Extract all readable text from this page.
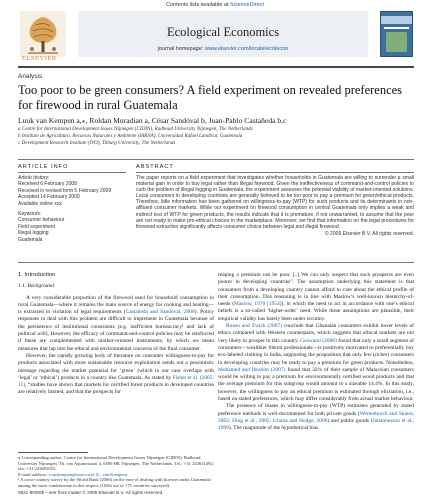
Contents lists available at ScienceDirect
ELSEVIER
Ecological Economics
journal homepage: www.elsevier.com/locate/ecolecon
Analysis
Too poor to be green consumers? A field experiment on revealed preferences for firewood in rural Guatemala
Luuk van Kempen a,⁎, Roldan Muradian a, César Sandóval b, Juan-Pablo Castañeda b,c
a Centre for International Development Issues Nijmegen (CIDIN), Radboud University Nijmegen, The Netherlands
b Instituto de Agricultura, Recursos Naturales y Ambiente (IARNA), Universidad Rafael Landívar, Guatemala
c Development Research Institute (IVO), Tilburg University, The Netherlands
ARTICLE INFO	ABSTRACT
Article history:
Received 6 February 2008
Received in revised form 5 February 2009
Accepted 14 February 2009
Available online xxx
Keywords:
Consumer behaviour
Field experiment
Illegal logging
Guatemala
The paper reports on a field experiment that investigates whether households in Guatemala are willing to surrender a small material gain in order to buy legal rather than illegal firewood. Given the ineffectiveness of command-and-control policies to curb the problem of illegal logging in Guatemala, the experiment assesses the potential viability of market-oriented solutions. Local consumers in developing countries are generally believed to be too poor to pay a premium for green/ethical products. Therefore, little information has been gathered on willingness-to-pay (WTP) for such products and its determinants in non-affluent consumer markets. While our experiment on firewood consumption in central Guatemala only implies a weak and indirect test of WTP for green products, the results indicate that it is premature, if not unwarranted, to assume that the poor are not ready to make pro-ethical choices in the marketplace. Moreover, we find that information on the legal procedures for firewood extraction significantly affects consumer choice between legal and illegal firewood.
© 2009 Elsevier B.V. All rights reserved.
1. Introduction
1.1. Background
A very considerable proportion of the firewood used for household consumption in rural Guatemala—where it remains the main source of energy for cooking and heating—is extracted in violation of legal requirements (Castañeda and Sandoval, 2008). Policy responses to deal with this problem are difficult to implement in Guatemala because of the persistence of institutional constraints (e.g. inefficient bureaucracy¹ and lack of political will). However, the efficacy of command-and-control policies may be reinforced if these are complemented with market-oriented instruments, by which we mean measures that tap into the ethical and environmental concerns of the final consumer.
However, the rapidly growing body of literature on consumer willingness-to-pay for products associated with more sustainable resource exploitation sends out a pessimistic message regarding the market potential for ‘green’ (which in our case overlaps with ‘legal’ or ‘ethical’) products in a country like Guatemala. As stated by Fisher et al. (2005: 11), “studies have shown that markets for certified forest products in developed countries are relatively limited, and that the prospects for
reaping a premium can be poor. [..] We can only suspect that such prospects are even poorer in developing countries”. The assumption underlying this statement is that consumers from a developing country cannot afford to care about the ethical profile of their consumption. This reasoning is in line with Maslow’s well-known hierarchy-of-needs (Maslow, 1970 [1954]), in which the need to act in accordance with one’s ethical beliefs is a so-called ‘higher-order’ need. While these assumptions are plausible, their empirical validity has barely been under scrutiny.
Bonsu and Zwick (2007) conclude that Ghanaian consumers exhibit lower levels of ethics compared with Western counterparts, which suggests that ethical markets are not very likely to prosper in this country. Goswami (2008) found that only a small segment of consumers—wealthier liberal professionals—is positively motivated to preferentially buy eco-labeled clothing in India, supporting the proposition that only few (richer) consumers in developing countries may be ready to pay a premium for green products. Nonetheless, Mohamed and Ibrahim (2007) found that 32% of their sample of Malaysian consumers would be willing to pay a premium for environmentally certified wood products and that the average premium for this subgroup would amount to a sizeable 14.4%. In this study, however, the willingness to pay an ethical premium is estimated through elicitation, i.e., based on stated preferences, which may differ considerably from actual market behaviour.
The presence of biases in willingness-to-pay (WTP) estimates generated by stated preference methods is well-documented for both private goods (Wertenbroch and Skiera, 2002; Ding et al., 2005; Urama and Hodge, 2006) and public goods (Johannesson et al., 1999). The magnitude of the hypothetical bias
⁎ Corresponding author. Centre for International Development Issues Nijmegen (CIDIN), Radboud University Nijmegen, Th. van Aquinostraat 4, 6500 HK Nijmegen, The Netherlands. Tel.: +31 243611492; fax: +31 243693952.
E-mail address: l.vankempen@maw.ru.nl (L. van Kempen).
¹ A cross-country survey by the World Bank (2006) on the ease of dealing with licences ranks Guatemala among the most cumbersome in this respect (165th out of 175 countries surveyed).
0921-8009/$ – see front matter © 2009 Elsevier B.V. All rights reserved.
